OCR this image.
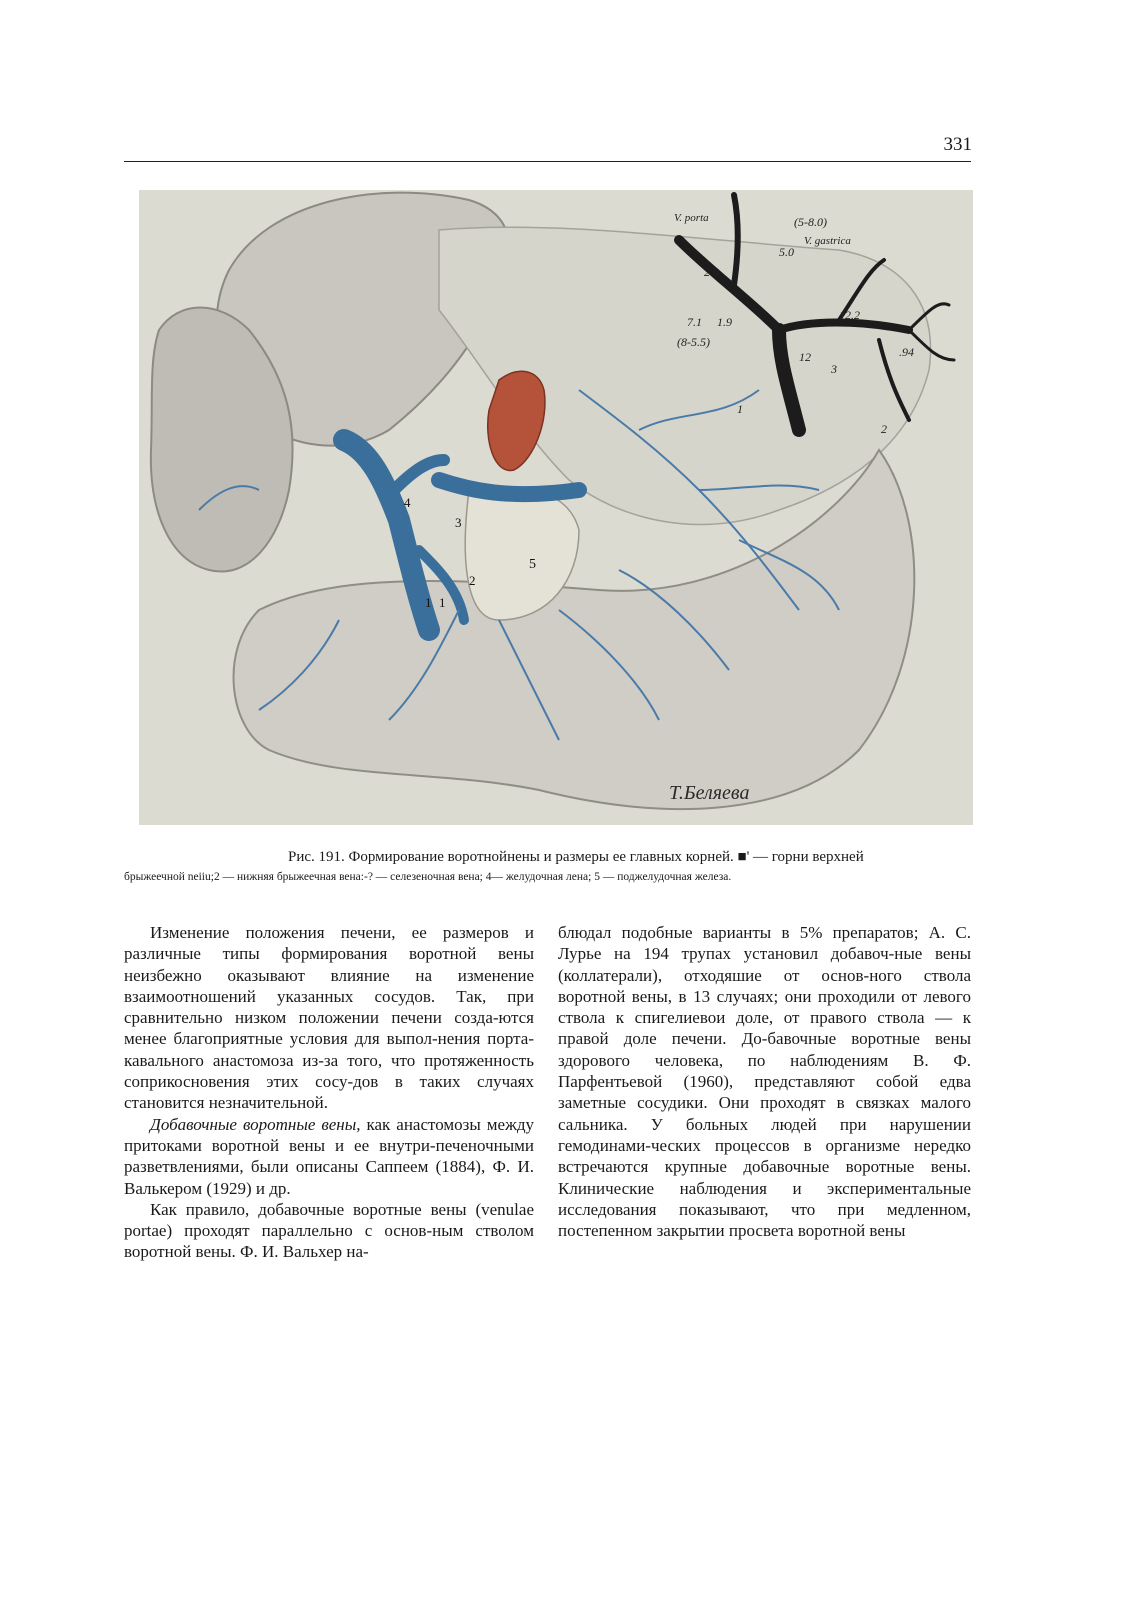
331
1 1
2
3
4
5
(5-8.0)
5.0
2.0
7.1 1.9
(8-5.5)
12.2
12	.94
1
2
3
V. porta
V. gastrica
Т.Беляева
Рис. 191. Формирование воротнойнены и размеры ее главных корней. ■' — горни верхней
брыжеечной neiiu;2 — нижняя брыжеечная вена:-? — селезеночная вена; 4— желудочная лена; 5 — поджелудочная железа.

Изменение положения печени, ее размеров и различные типы формирования воротной вены неизбежно оказывают влияние на изменение взаимоотношений указанных сосудов. Так, при сравнительно низком положении печени созда-ются менее благоприятные условия для выпол-нения порта-кавального анастомоза из-за того, что протяженность соприкосновения этих сосу-дов в таких случаях становится незначительной.

Добавочные воротные вены, как анастомозы между притоками воротной вены и ее внутри-печеночными разветвлениями, были описаны Саппеем (1884), Ф. И. Валькером (1929) и др.

Как правило, добавочные воротные вены (venulae portae) проходят параллельно с основ-ным стволом воротной вены. Ф. И. Вальхер на-

блюдал подобные варианты в 5% препаратов; А. С. Лурье на 194 трупах установил добавоч-ные вены (коллатерали), отходяшие от основ-ного ствола воротной вены, в 13 случаях; они проходили от левого ствола к спигелиевои доле, от правого ствола — к правой доле печени. До-бавочные воротные вены здорового человека, по наблюдениям В. Ф. Парфентьевой (1960), представляют собой едва заметные сосудики. Они проходят в связках малого сальника. У больных людей при нарушении гемодинами-ческих процессов в организме нередко встречаются крупные добавочные воротные вены. Клинические наблюдения и экспериментальные исследования показывают, что при медленном, постепенном закрытии просвета воротной вены
